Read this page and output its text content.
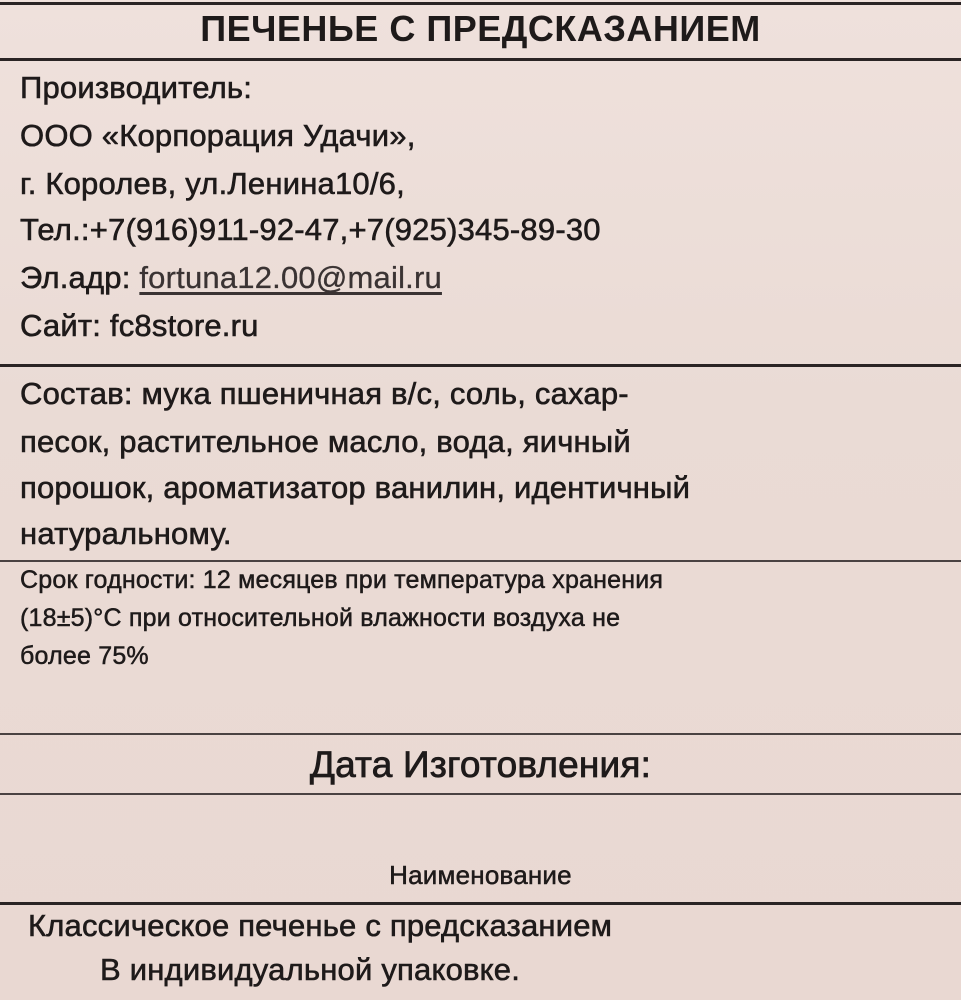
ПЕЧЕНЬЕ С ПРЕДСКАЗАНИЕМ
Производитель:
ООО «Корпорация Удачи»,
г. Королев, ул.Ленина10/6,
Тел.:+7(916)911-92-47,+7(925)345-89-30
Эл.адр: fortuna12.00@mail.ru
Сайт: fc8store.ru
Состав: мука пшеничная в/с, соль, сахар-
песок, растительное масло, вода, яичный
порошок, ароматизатор ванилин, идентичный
натуральному.
Срок годности: 12 месяцев при температура хранения
(18±5)°С при относительной влажности воздуха не
более 75%
Дата Изготовления:
Наименование
Классическое печенье с предсказанием
В индивидуальной упаковке.
